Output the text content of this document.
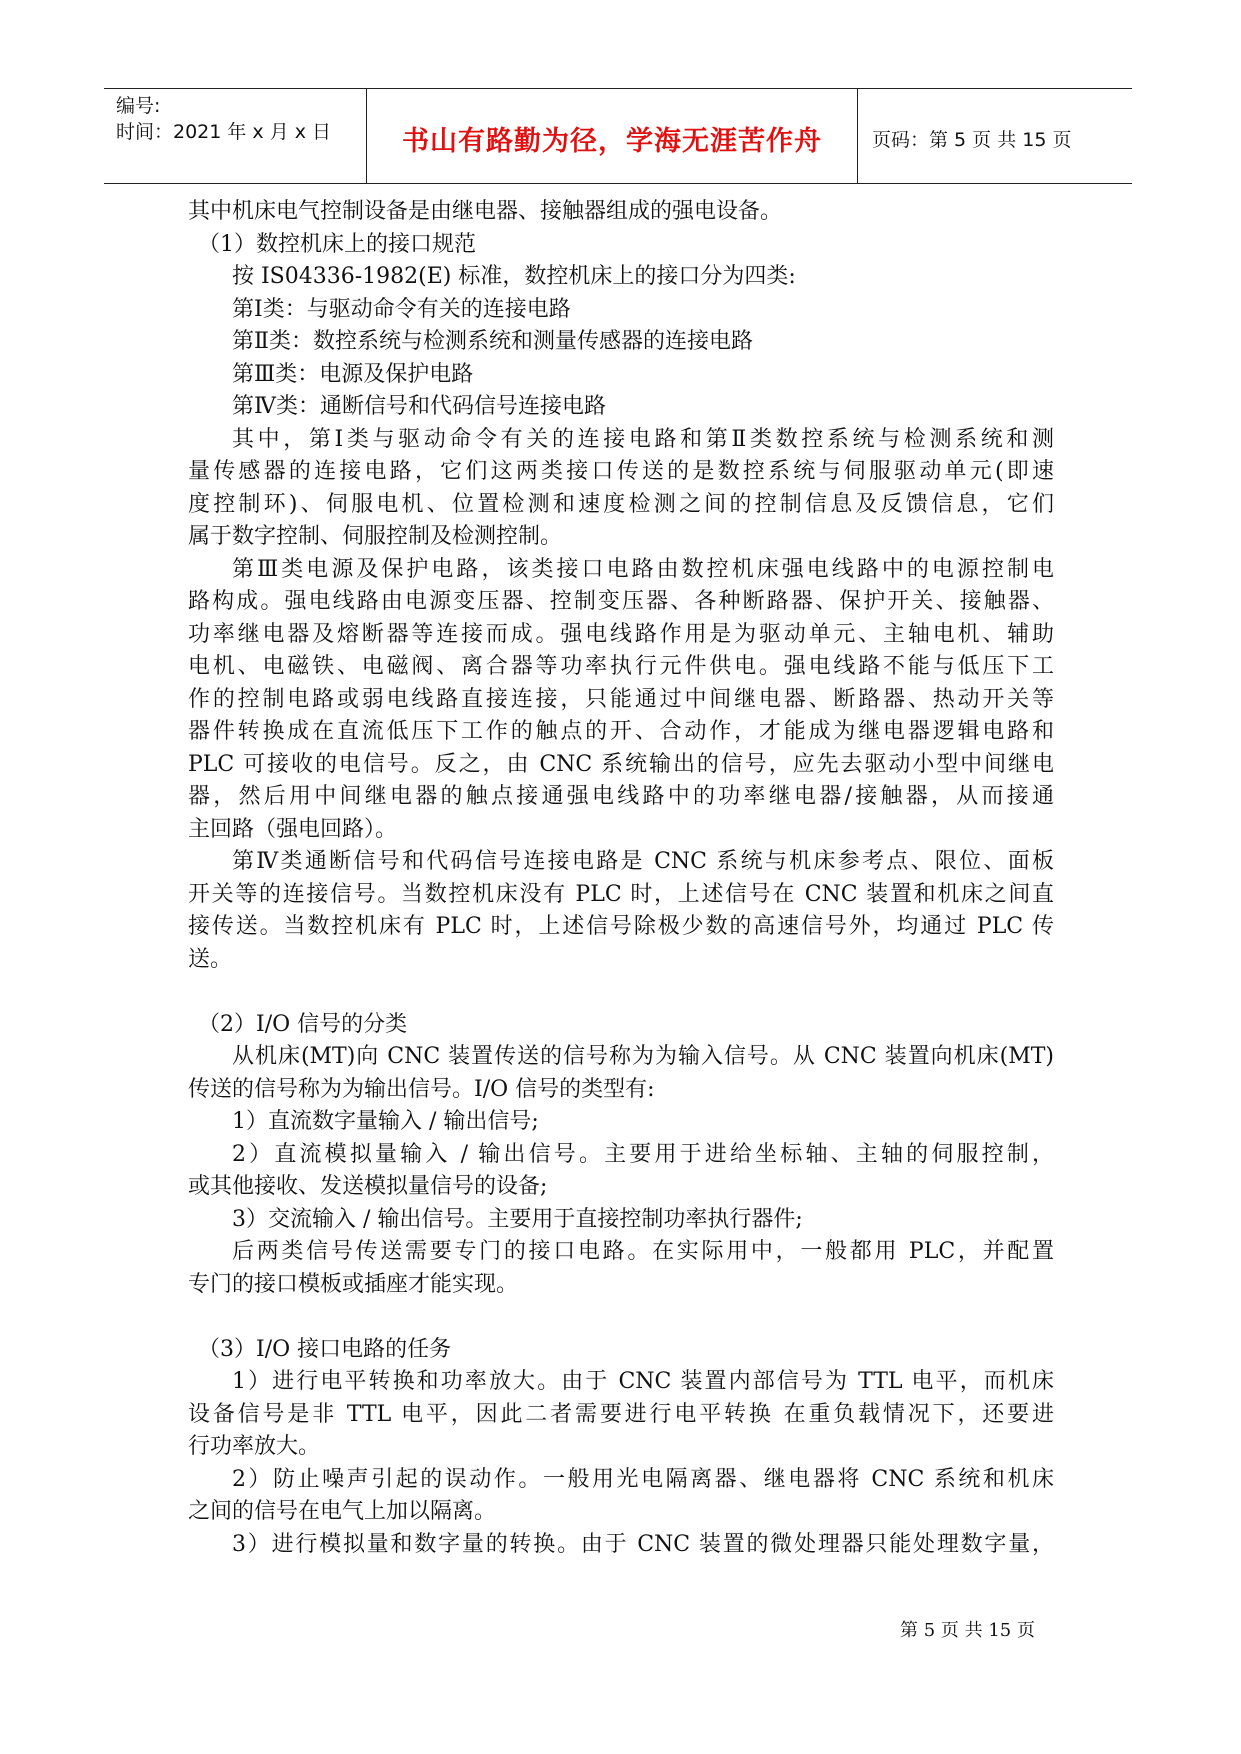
编号:
时间：2021 年 x 月 x 日	书山有路勤为径，学海无涯苦作舟	页码：第 5 页 共 15 页
其中机床电气控制设备是由继电器、接触器组成的强电设备。
（1）数控机床上的接口规范
按 IS04336-1982(E) 标准，数控机床上的接口分为四类:
第Ⅰ类：与驱动命令有关的连接电路
第Ⅱ类：数控系统与检测系统和测量传感器的连接电路
第Ⅲ类：电源及保护电路
第Ⅳ类：通断信号和代码信号连接电路
其中，第Ⅰ类与驱动命令有关的连接电路和第Ⅱ类数控系统与检测系统和测
量传感器的连接电路，它们这两类接口传送的是数控系统与伺服驱动单元(即速
度控制环)、伺服电机、位置检测和速度检测之间的控制信息及反馈信息，它们
属于数字控制、伺服控制及检测控制。
第Ⅲ类电源及保护电路，该类接口电路由数控机床强电线路中的电源控制电
路构成。强电线路由电源变压器、控制变压器、各种断路器、保护开关、接触器、
功率继电器及熔断器等连接而成。强电线路作用是为驱动单元、主轴电机、辅助
电机、电磁铁、电磁阀、离合器等功率执行元件供电。强电线路不能与低压下工
作的控制电路或弱电线路直接连接，只能通过中间继电器、断路器、热动开关等
器件转换成在直流低压下工作的触点的开、合动作，才能成为继电器逻辑电路和
PLC 可接收的电信号。反之，由 CNC 系统输出的信号，应先去驱动小型中间继电
器，然后用中间继电器的触点接通强电线路中的功率继电器/接触器，从而接通
主回路（强电回路）。
第Ⅳ类通断信号和代码信号连接电路是 CNC 系统与机床参考点、限位、面板
开关等的连接信号。当数控机床没有 PLC 时，上述信号在 CNC 装置和机床之间直
接传送。当数控机床有 PLC 时，上述信号除极少数的高速信号外，均通过 PLC 传
送。
（2）I/O 信号的分类
从机床(MT)向 CNC 装置传送的信号称为为输入信号。从 CNC 装置向机床(MT)
传送的信号称为为输出信号。I/O 信号的类型有:
1）直流数字量输入 / 输出信号;
2）直流模拟量输入 / 输出信号。主要用于进给坐标轴、主轴的伺服控制，
或其他接收、发送模拟量信号的设备;
3）交流输入 / 输出信号。主要用于直接控制功率执行器件;
后两类信号传送需要专门的接口电路。在实际用中，一般都用 PLC，并配置
专门的接口模板或插座才能实现。
（3）I/O 接口电路的任务
1）进行电平转换和功率放大。由于 CNC 装置内部信号为 TTL 电平，而机床
设备信号是非 TTL 电平，因此二者需要进行电平转换 在重负载情况下，还要进
行功率放大。
2）防止噪声引起的误动作。一般用光电隔离器、继电器将 CNC 系统和机床
之间的信号在电气上加以隔离。
3）进行模拟量和数字量的转换。由于 CNC 装置的微处理器只能处理数字量，
第 5 页 共 15 页
